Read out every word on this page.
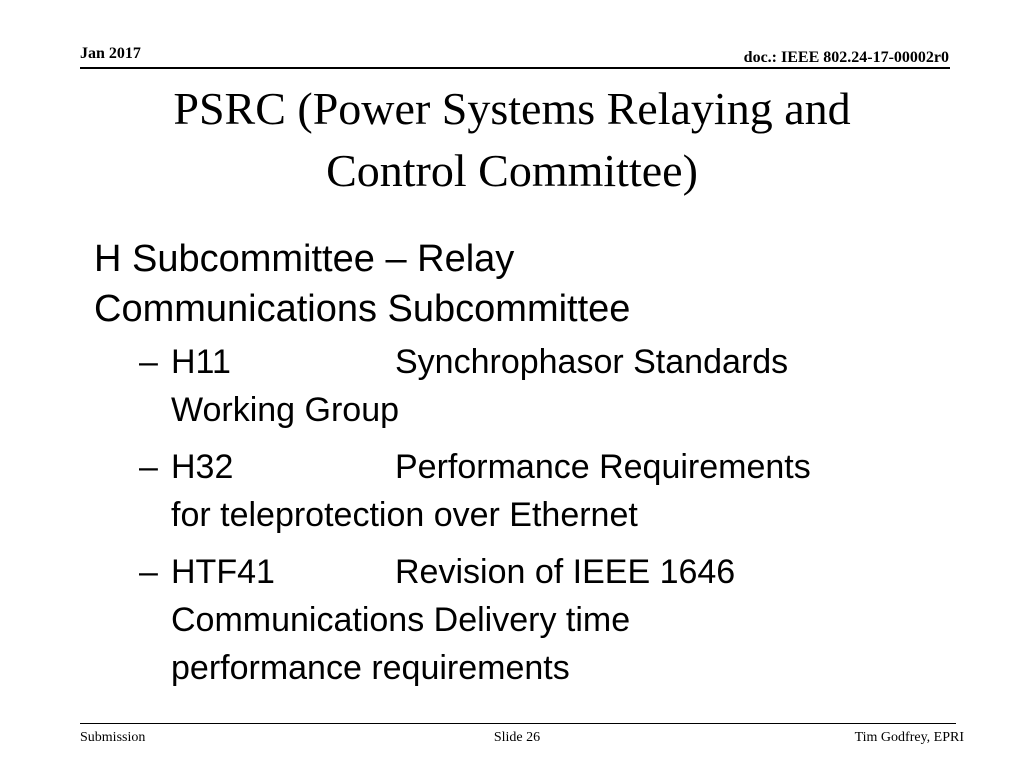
Jan 2017	doc.: IEEE 802.24-17-00002r0
PSRC (Power Systems Relaying and
Control Committee)
H Subcommittee – Relay
Communications Subcommittee
– H11	Synchrophasor Standards
Working Group
– H32	Performance Requirements
for teleprotection over Ethernet
– HTF41	Revision of IEEE 1646
Communications Delivery time
performance requirements
Submission	Slide 26	Tim Godfrey, EPRI
